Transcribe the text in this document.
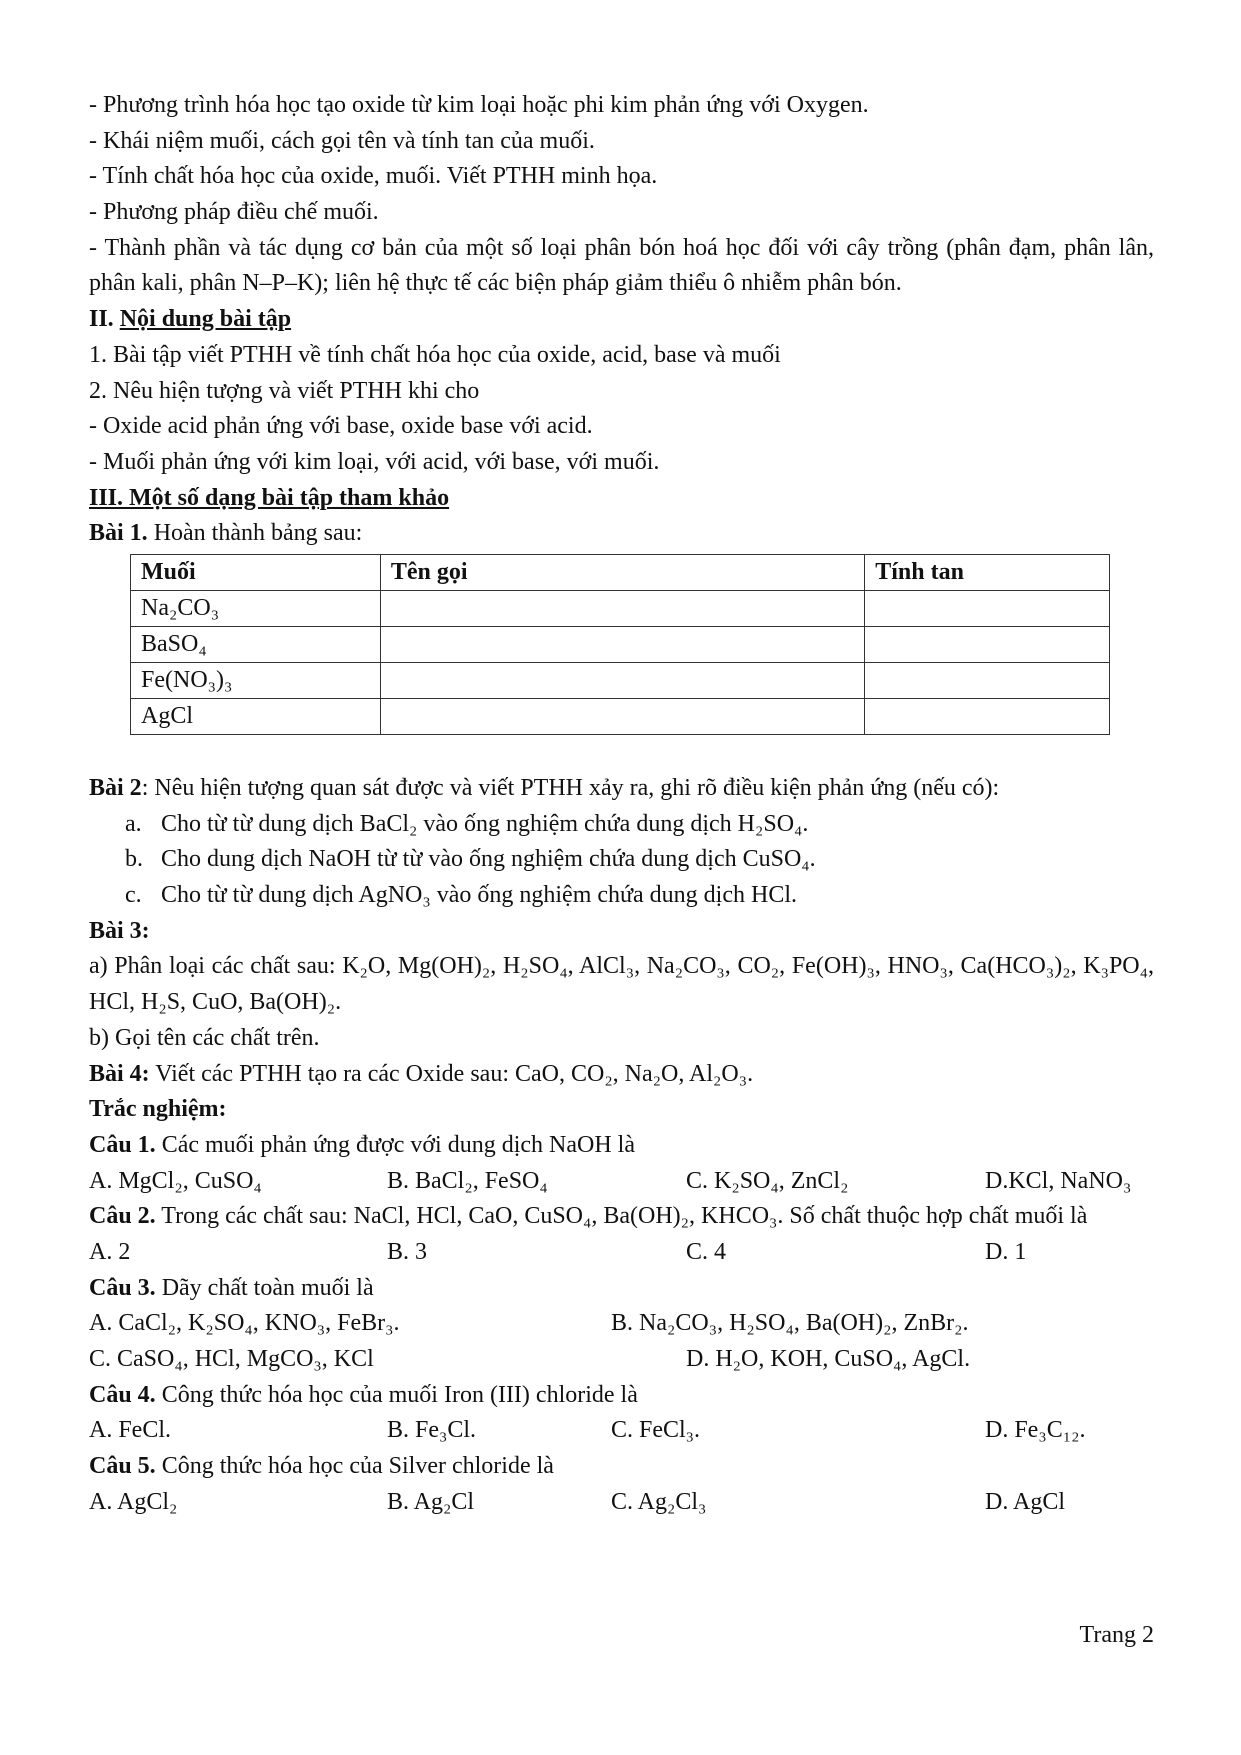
- Phương trình hóa học tạo oxide từ kim loại hoặc phi kim phản ứng với Oxygen.
- Khái niệm muối, cách gọi tên và tính tan của muối.
- Tính chất hóa học của oxide, muối. Viết PTHH minh họa.
- Phương pháp điều chế muối.
- Thành phần và tác dụng cơ bản của một số loại phân bón hoá học đối với cây trồng (phân đạm, phân lân, phân kali, phân N–P–K); liên hệ thực tế các biện pháp giảm thiểu ô nhiễm phân bón.
II. Nội dung bài tập
1. Bài tập viết PTHH về tính chất hóa học của oxide, acid, base và muối
2. Nêu hiện tượng và viết PTHH khi cho
- Oxide acid phản ứng với base, oxide base với acid.
- Muối phản ứng với kim loại, với acid, với base, với muối.
III. Một số dạng bài tập tham khảo
Bài 1. Hoàn thành bảng sau:
Muối	Tên gọi	Tính tan
Na₂CO₃		
BaSO₄		
Fe(NO₃)₃		
AgCl		
Bài 2: Nêu hiện tượng quan sát được và viết PTHH xảy ra, ghi rõ điều kiện phản ứng (nếu có):
a. Cho từ từ dung dịch BaCl₂ vào ống nghiệm chứa dung dịch H₂SO₄.
b. Cho dung dịch NaOH từ từ vào ống nghiệm chứa dung dịch CuSO₄.
c. Cho từ từ dung dịch AgNO₃ vào ống nghiệm chứa dung dịch HCl.
Bài 3:
a) Phân loại các chất sau: K₂O, Mg(OH)₂, H₂SO₄, AlCl₃, Na₂CO₃, CO₂, Fe(OH)₃, HNO₃, Ca(HCO₃)₂, K₃PO₄, HCl, H₂S, CuO, Ba(OH)₂.
b) Gọi tên các chất trên.
Bài 4: Viết các PTHH tạo ra các Oxide sau: CaO, CO₂, Na₂O, Al₂O₃.
Trắc nghiệm:
Câu 1. Các muối phản ứng được với dung dịch NaOH là
A. MgCl₂, CuSO₄	B. BaCl₂, FeSO₄	C. K₂SO₄, ZnCl₂	D.KCl, NaNO₃
Câu 2. Trong các chất sau: NaCl, HCl, CaO, CuSO₄, Ba(OH)₂, KHCO₃. Số chất thuộc hợp chất muối là
A. 2	B. 3	C. 4	D. 1
Câu 3. Dãy chất toàn muối là
A. CaCl₂, K₂SO₄, KNO₃, FeBr₃.	B. Na₂CO₃, H₂SO₄, Ba(OH)₂, ZnBr₂.
C. CaSO₄, HCl, MgCO₃, KCl	D. H₂O, KOH, CuSO₄, AgCl.
Câu 4. Công thức hóa học của muối Iron (III) chloride là
A. FeCl.	B. Fe₃Cl.	C. FeCl₃.	D. Fe₃C₁₂.
Câu 5. Công thức hóa học của Silver chloride là
A. AgCl₂	B. Ag₂Cl	C. Ag₂Cl₃	D. AgCl
Trang 2
